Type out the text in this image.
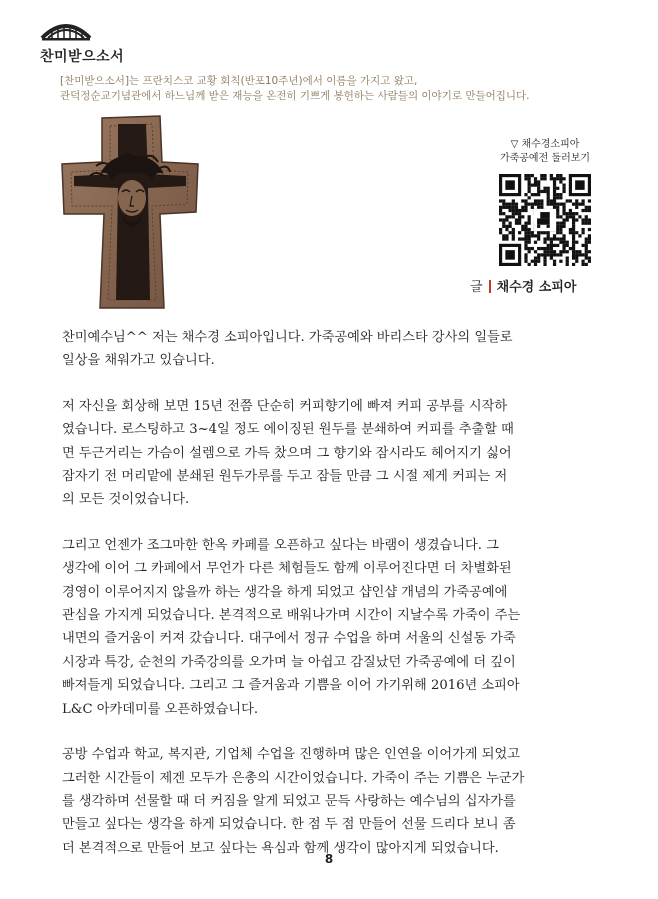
찬미받으소서
[찬미받으소서]는 프란치스코 교황 회칙(반포10주년)에서 이름을 가지고 왔고,
관덕정순교기념관에서 하느님께 받은 재능을 온전히 기쁘게 봉헌하는 사람들의 이야기로 만들어집니다.
▽ 채수경소피아
가죽공예전 둘러보기
글 채수경 소피아

찬미예수님^^ 저는 채수경 소피아입니다. 가죽공예와 바리스타 강사의 일들로
일상을 채워가고 있습니다.

저 자신을 회상해 보면 15년 전쯤 단순히 커피향기에 빠져 커피 공부를 시작하
였습니다. 로스팅하고 3~4일 정도 에이징된 원두를 분쇄하여 커피를 추출할 때
면 두근거리는 가슴이 설렘으로 가득 찼으며 그 향기와 잠시라도 헤어지기 싫어
잠자기 전 머리맡에 분쇄된 원두가루를 두고 잠들 만큼 그 시절 제게 커피는 저
의 모든 것이었습니다.

그리고 언젠가 조그마한 한옥 카페를 오픈하고 싶다는 바램이 생겼습니다. 그
생각에 이어 그 카페에서 무언가 다른 체험들도 함께 이루어진다면 더 차별화된
경영이 이루어지지 않을까 하는 생각을 하게 되었고 샵인샵 개념의 가죽공예에
관심을 가지게 되었습니다. 본격적으로 배워나가며 시간이 지날수록 가죽이 주는
내면의 즐거움이 커져 갔습니다. 대구에서 정규 수업을 하며 서울의 신설동 가죽
시장과 특강, 순천의 가죽강의를 오가며 늘 아쉽고 감질났던 가죽공예에 더 깊이
빠져들게 되었습니다. 그리고 그 즐거움과 기쁨을 이어 가기위해 2016년 소피아
L&C 아카데미를 오픈하였습니다.

공방 수업과 학교, 복지관, 기업체 수업을 진행하며 많은 인연을 이어가게 되었고
그러한 시간들이 제겐 모두가 은총의 시간이었습니다. 가죽이 주는 기쁨은 누군가
를 생각하며 선물할 때 더 커짐을 알게 되었고 문득 사랑하는 예수님의 십자가를
만들고 싶다는 생각을 하게 되었습니다. 한 점 두 점 만들어 선물 드리다 보니 좀
더 본격적으로 만들어 보고 싶다는 욕심과 함께 생각이 많아지게 되었습니다.

8
